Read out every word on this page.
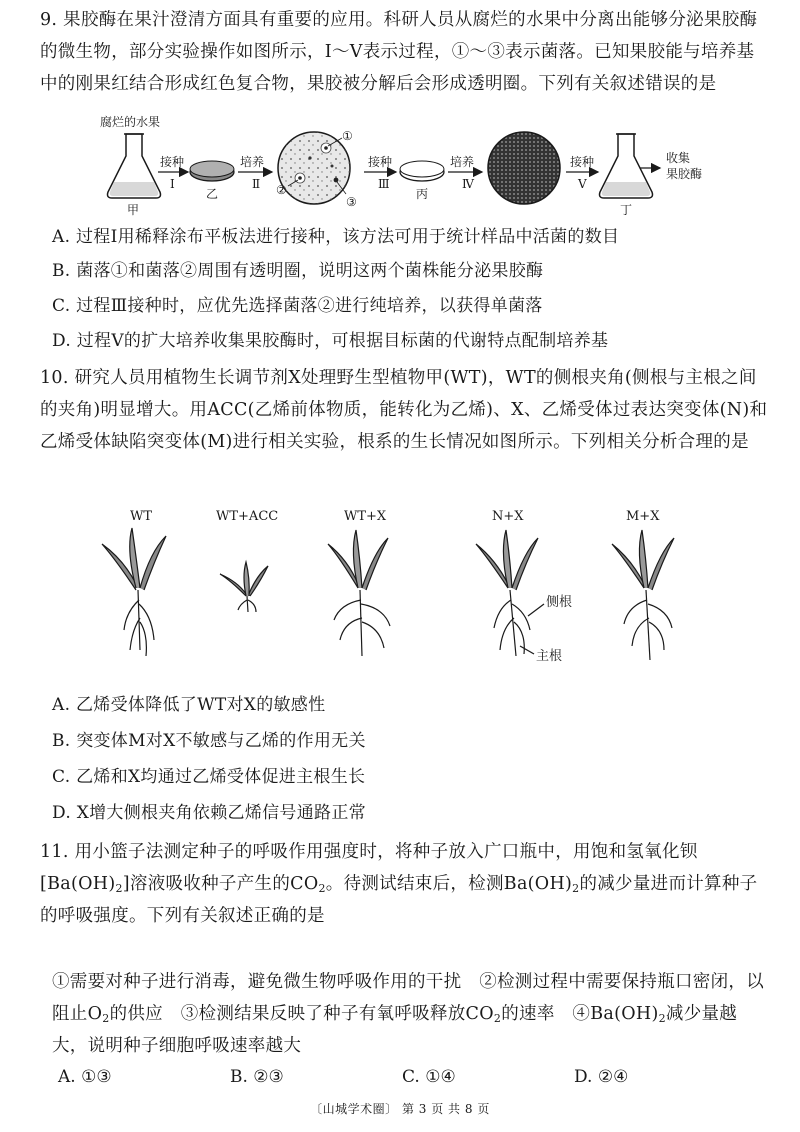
9. 果胶酶在果汁澄清方面具有重要的应用。科研人员从腐烂的水果中分离出能够分泌果胶酶的微生物，部分实验操作如图所示，Ⅰ～Ⅴ表示过程，①～③表示菌落。已知果胶能与培养基中的刚果红结合形成红色复合物，果胶被分解后会形成透明圈。下列有关叙述错误的是
腐烂的水果
甲
接种
Ⅰ
乙
培养
Ⅱ
①
②
③
接种
Ⅲ
丙
培养
Ⅳ
接种
Ⅴ
丁
收集
果胶酶
A. 过程Ⅰ用稀释涂布平板法进行接种，该方法可用于统计样品中活菌的数目
B. 菌落①和菌落②周围有透明圈，说明这两个菌株能分泌果胶酶
C. 过程Ⅲ接种时，应优先选择菌落②进行纯培养，以获得单菌落
D. 过程Ⅴ的扩大培养收集果胶酶时，可根据目标菌的代谢特点配制培养基
10. 研究人员用植物生长调节剂X处理野生型植物甲(WT)，WT的侧根夹角(侧根与主根之间的夹角)明显增大。用ACC(乙烯前体物质，能转化为乙烯)、X、乙烯受体过表达突变体(N)和乙烯受体缺陷突变体(M)进行相关实验，根系的生长情况如图所示。下列相关分析合理的是
WT	WT+ACC	WT+X	N+X	M+X
侧根
主根
A. 乙烯受体降低了WT对X的敏感性
B. 突变体M对X不敏感与乙烯的作用无关
C. 乙烯和X均通过乙烯受体促进主根生长
D. X增大侧根夹角依赖乙烯信号通路正常
11. 用小篮子法测定种子的呼吸作用强度时，将种子放入广口瓶中，用饱和氢氧化钡$[Ba(OH)_2]$溶液吸收种子产生的$CO_2$。待测试结束后，检测$Ba(OH)_2$的减少量进而计算种子的呼吸强度。下列有关叙述正确的是
①需要对种子进行消毒，避免微生物呼吸作用的干扰　②检测过程中需要保持瓶口密闭，以阻止$O_2$的供应　③检测结果反映了种子有氧呼吸释放$CO_2$的速率　$④Ba(OH)_2$减少量越大，说明种子细胞呼吸速率越大
A. ①③	B. ②③	C. ①④	D. ②④
〔山城学术圈〕 第 3 页 共 8 页
